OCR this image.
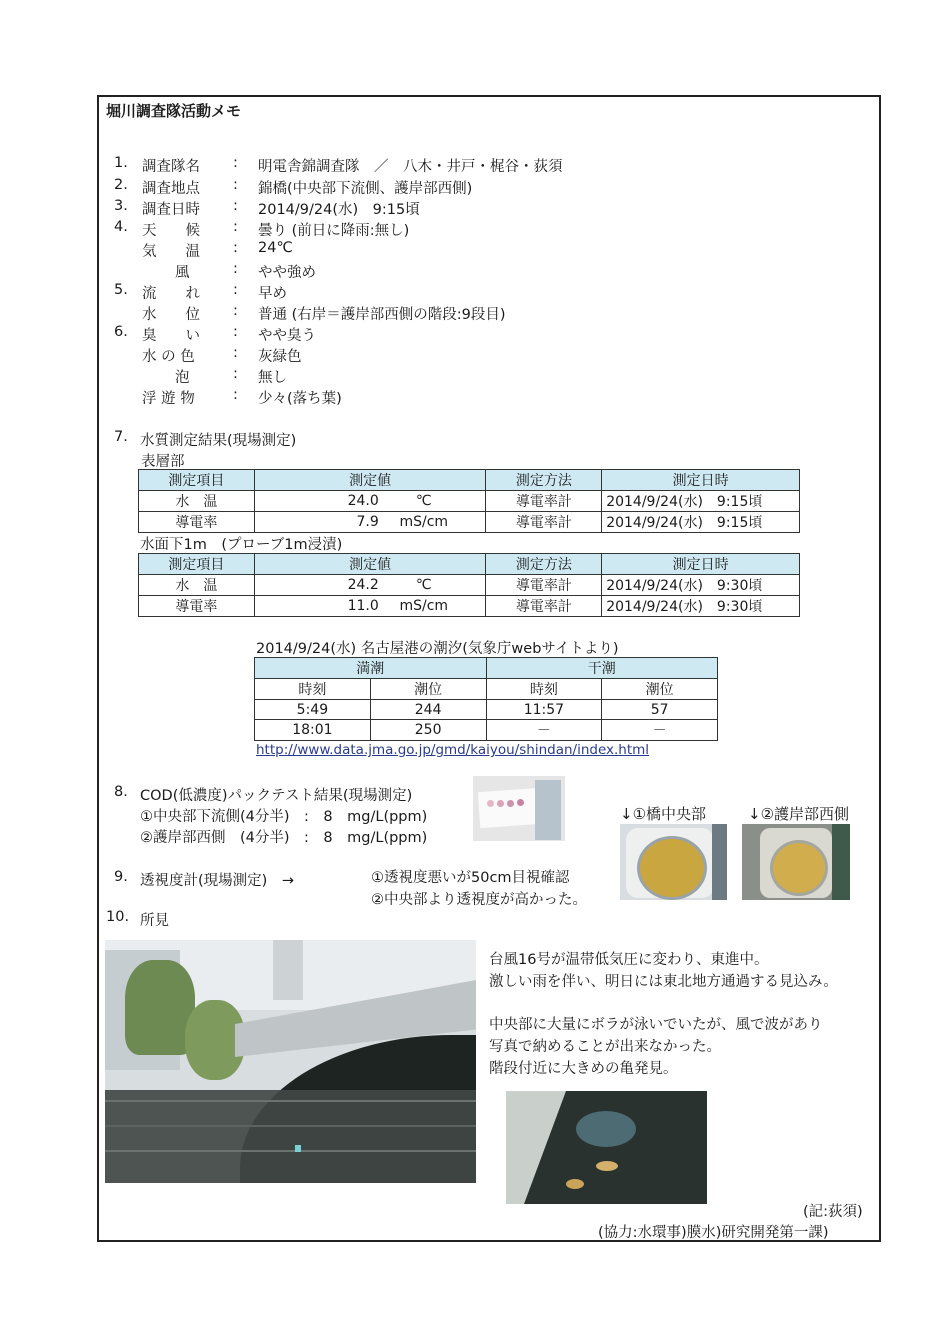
堀川調査隊活動メモ
1. 調査隊名 : 明電舎錦調査隊　／　八木・井戸・梶谷・荻須
2. 調査地点 : 錦橋(中央部下流側、護岸部西側)
3. 調査日時 : 2014/9/24(水)　9:15頃
4. 天　　候 : 曇り (前日に降雨:無し)
気　　温 : 24℃
風	: やや強め
5. 流　　れ : 早め
水　　位 : 普通 (右岸＝護岸部西側の階段:9段目)
6. 臭　　い : やや臭う
水 の 色	: 灰緑色
泡	: 無し
浮 遊 物	: 少々(落ち葉)
7. 水質測定結果(現場測定)
表層部
測定項目	測定値	測定方法	測定日時
水　温	24.0 ℃	導電率計	2014/9/24(水)　9:15頃
導電率	7.9 mS/cm	導電率計	2014/9/24(水)　9:15頃
水面下1m　(プローブ1m浸漬)
測定項目	測定値	測定方法	測定日時
水　温	24.2 ℃	導電率計	2014/9/24(水)　9:30頃
導電率	11.0 mS/cm	導電率計	2014/9/24(水)　9:30頃
2014/9/24(水) 名古屋港の潮汐(気象庁webサイトより)
満潮		干潮	
時刻	潮位	時刻	潮位
5:49	244	11:57	57
18:01	250	－	－
http://www.data.jma.go.jp/gmd/kaiyou/shindan/index.html
8. COD(低濃度)パックテスト結果(現場測定)
①中央部下流側(4分半)　:　8　mg/L(ppm)
②護岸部西側　(4分半)　:　8　mg/L(ppm)
↓①橋中央部	↓②護岸部西側
9. 透視度計(現場測定)　→	①透視度悪いが50cm目視確認
②中央部より透視度が高かった。
10. 所見
台風16号が温帯低気圧に変わり、東進中。
激しい雨を伴い、明日には東北地方通過する見込み。
中央部に大量にボラが泳いでいたが、風で波があり
写真で納めることが出来なかった。
階段付近に大きめの亀発見。
(記:荻須)
(協力:水環事)膜水)研究開発第一課)
